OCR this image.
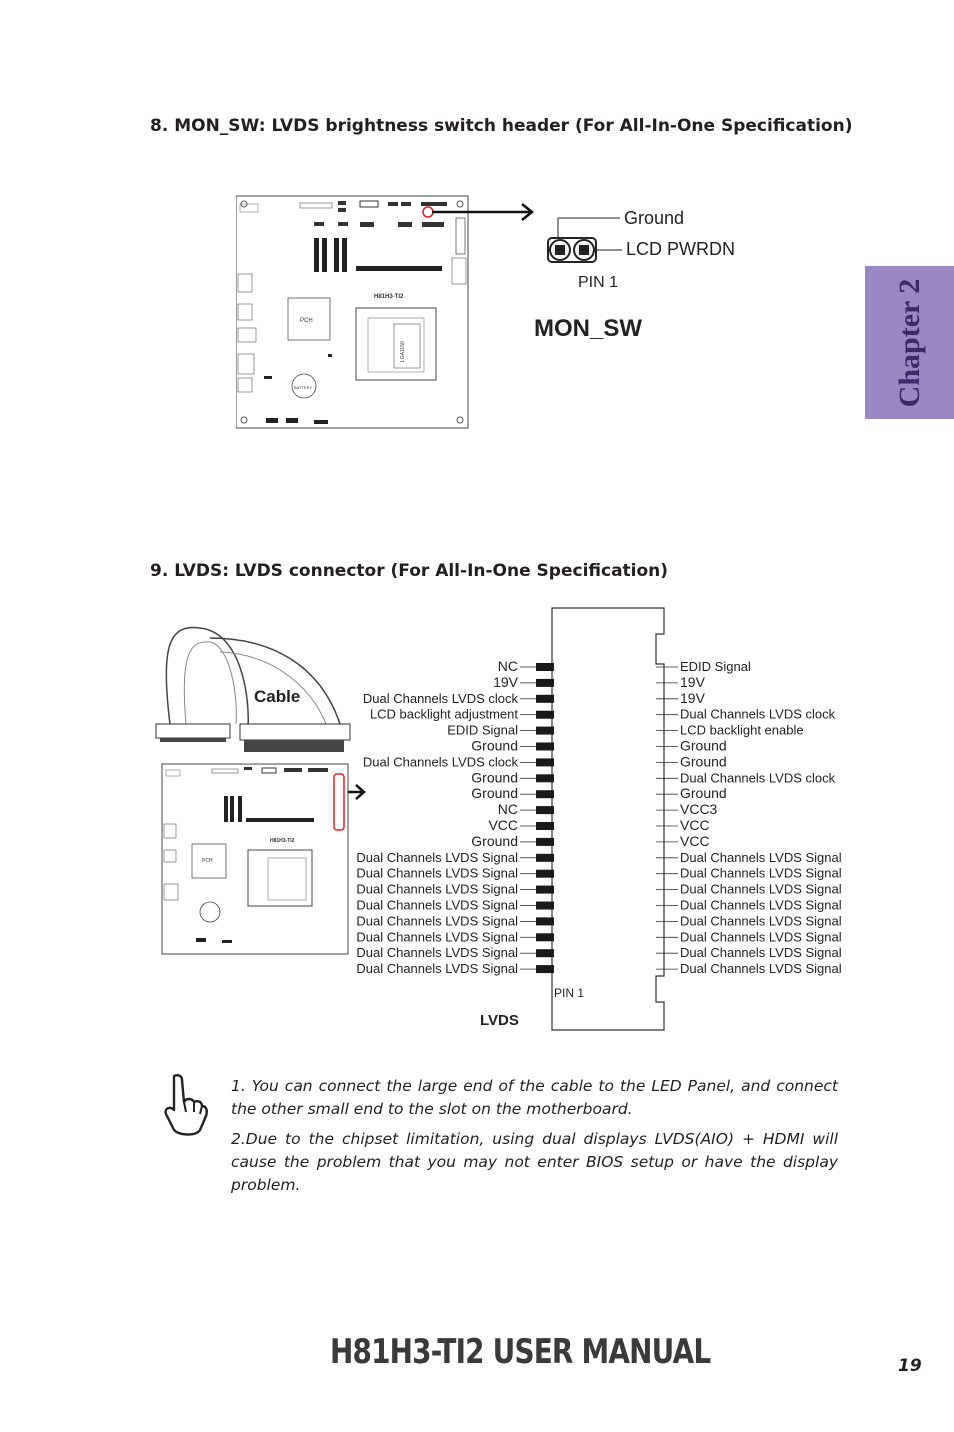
8. MON_SW: LVDS brightness switch header (For All-In-One Specification)
H81H3-TI2
PCH
LGA1150
BATTERY
Ground
LCD PWRDN
PIN 1
MON_SW
9. LVDS: LVDS connector (For All-In-One Specification)
Cable
H81H3-TI2
PCH
NC	EDID Signal
19V	19V
Dual Channels LVDS clock	19V
LCD backlight adjustment	Dual Channels LVDS clock
EDID Signal	LCD backlight enable
Ground	Ground
Dual Channels LVDS clock	Ground
Ground	Dual Channels LVDS clock
Ground	Ground
NC	VCC3
VCC	VCC
Ground	VCC
Dual Channels LVDS Signal	Dual Channels LVDS Signal
Dual Channels LVDS Signal	Dual Channels LVDS Signal
Dual Channels LVDS Signal	Dual Channels LVDS Signal
Dual Channels LVDS Signal	Dual Channels LVDS Signal
Dual Channels LVDS Signal	Dual Channels LVDS Signal
Dual Channels LVDS Signal	Dual Channels LVDS Signal
Dual Channels LVDS Signal	Dual Channels LVDS Signal
Dual Channels LVDS Signal	Dual Channels LVDS Signal
PIN 1
LVDS
1. You can connect the large end of the cable to the LED Panel, and connect the other small end to the slot on the motherboard.
2.Due to the chipset limitation, using dual displays LVDS(AIO) + HDMI will cause the problem that you may not enter BIOS setup or have the display problem.
Chapter 2
H81H3-TI2 USER MANUAL	19
